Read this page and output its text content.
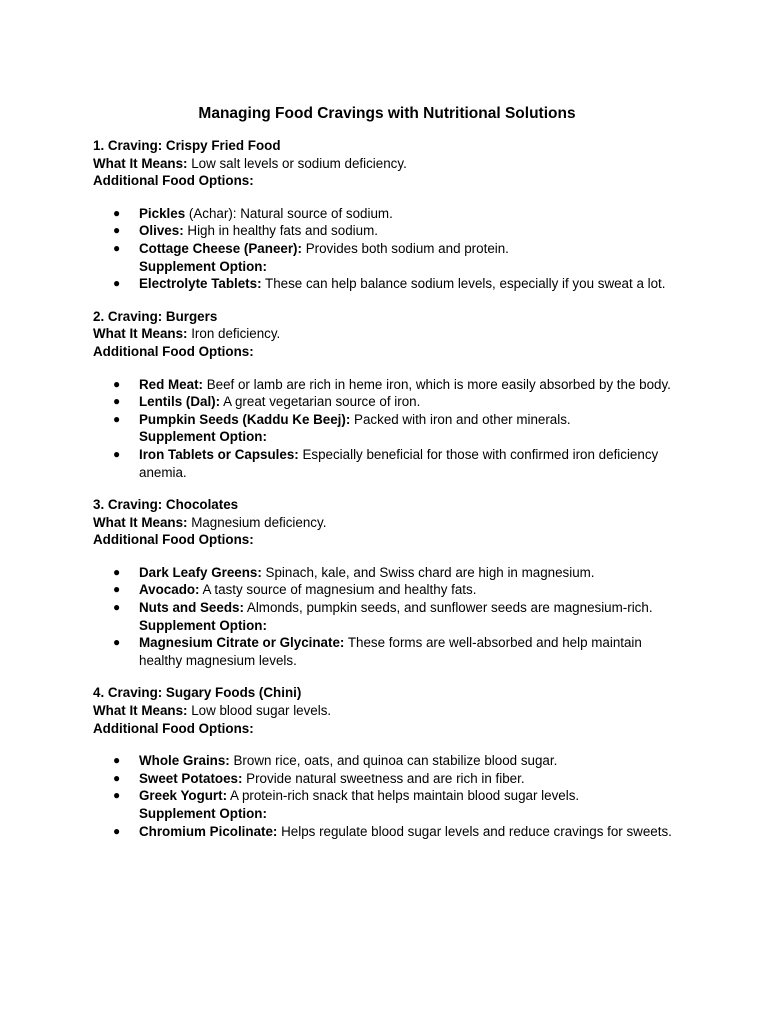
Managing Food Cravings with Nutritional Solutions
1. Craving: Crispy Fried Food
What It Means: Low salt levels or sodium deficiency.
Additional Food Options:
● Pickles (Achar): Natural source of sodium.
● Olives: High in healthy fats and sodium.
● Cottage Cheese (Paneer): Provides both sodium and protein.
Supplement Option:
● Electrolyte Tablets: These can help balance sodium levels, especially if you sweat a lot.
2. Craving: Burgers
What It Means: Iron deficiency.
Additional Food Options:
● Red Meat: Beef or lamb are rich in heme iron, which is more easily absorbed by the body.
● Lentils (Dal): A great vegetarian source of iron.
● Pumpkin Seeds (Kaddu Ke Beej): Packed with iron and other minerals.
Supplement Option:
● Iron Tablets or Capsules: Especially beneficial for those with confirmed iron deficiency anemia.
3. Craving: Chocolates
What It Means: Magnesium deficiency.
Additional Food Options:
● Dark Leafy Greens: Spinach, kale, and Swiss chard are high in magnesium.
● Avocado: A tasty source of magnesium and healthy fats.
● Nuts and Seeds: Almonds, pumpkin seeds, and sunflower seeds are magnesium-rich.
Supplement Option:
● Magnesium Citrate or Glycinate: These forms are well-absorbed and help maintain healthy magnesium levels.
4. Craving: Sugary Foods (Chini)
What It Means: Low blood sugar levels.
Additional Food Options:
● Whole Grains: Brown rice, oats, and quinoa can stabilize blood sugar.
● Sweet Potatoes: Provide natural sweetness and are rich in fiber.
● Greek Yogurt: A protein-rich snack that helps maintain blood sugar levels.
Supplement Option:
● Chromium Picolinate: Helps regulate blood sugar levels and reduce cravings for sweets.
